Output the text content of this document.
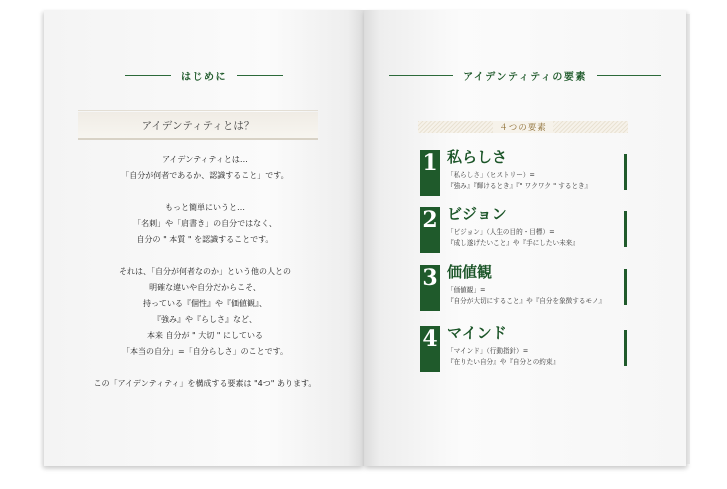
はじめに
アイデンティティとは？

アイデンティティとは…

「自分が何者であるか、認識すること」です。

もっと簡単にいうと…

「名刺」や「肩書き」の自分ではなく、

自分の " 本質 " を認識することです。

それは、「自分が何者なのか」という他の人との

明確な違いや自分だからこそ、

持っている『個性』や『価値観』、

『強み』や『らしさ』など、

本来 自分が " 大切 " にしている

「本当の自分」=「自分らしさ」のことです。

この「アイデンティティ」を構成する要素は "4つ" あります。

アイデンティティの要素
４つの要素
1 私らしさ
「私らしさ」（ヒストリー）=
『強み』『輝けるとき』『" ワクワク " するとき』
2 ビジョン
「ビジョン」（人生の目的・目標）=
『成し遂げたいこと』や『手にしたい未来』
3 価値観
「価値観」=
『自分が大切にすること』や『自分を象徴するモノ』
4 マインド
「マインド」（行動指針）=
『在りたい自分』や『自分との約束』
